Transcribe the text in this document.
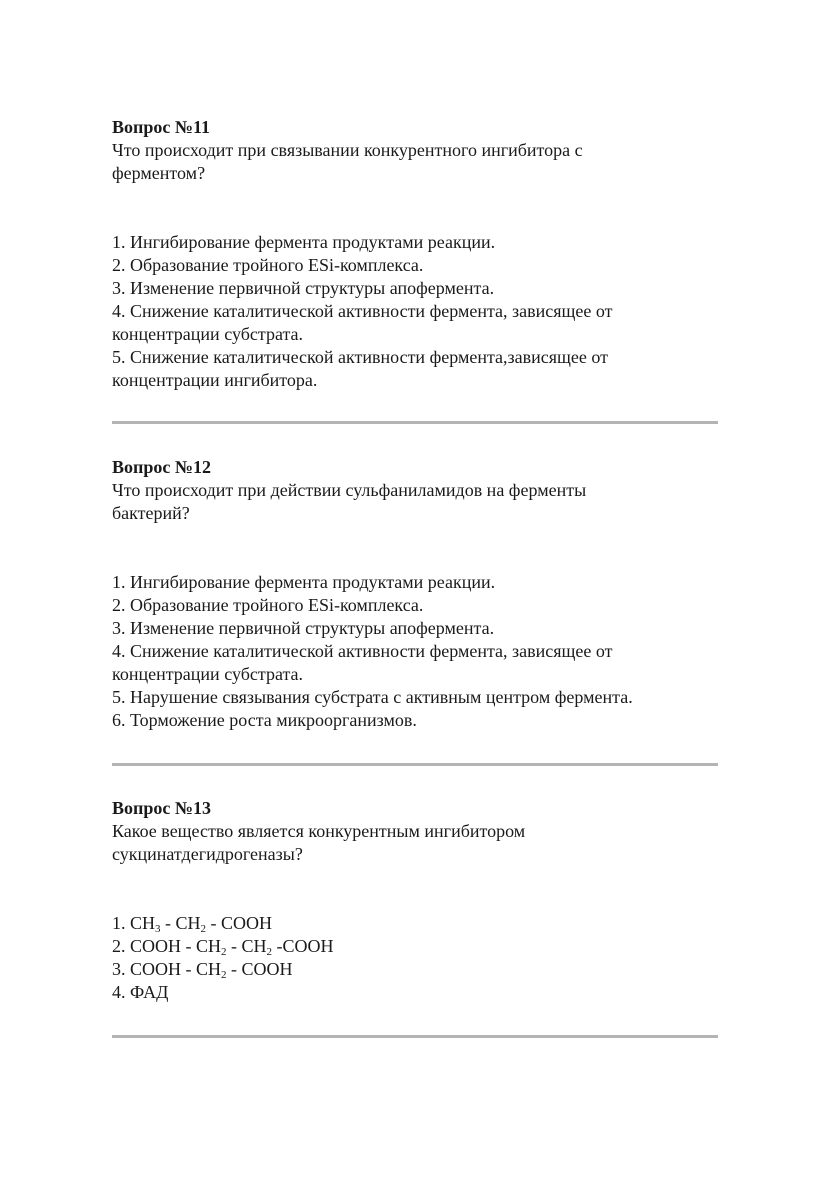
Вопрос №11

Что происходит при связывании конкурентного ингибитора с ферментом?

1. Ингибирование фермента продуктами реакции.
2. Образование тройного ESi-комплекса.
3. Изменение первичной структуры апофермента.
4. Снижение каталитической активности фермента, зависящее от концентрации субстрата.
5. Снижение каталитической активности фермента,зависящее от концентрации ингибитора.

Вопрос №12

Что происходит при действии сульфаниламидов на ферменты бактерий?

1. Ингибирование фермента продуктами реакции.
2. Образование тройного ESi-комплекса.
3. Изменение первичной структуры апофермента.
4. Снижение каталитической активности фермента, зависящее от концентрации субстрата.
5. Нарушение связывания субстрата с активным центром фермента.
6. Торможение роста микроорганизмов.

Вопрос №13

Какое вещество является конкурентным ингибитором сукцинатдегидрогеназы?

1. $CH_3 - CH_2$ - COOH
2. COOH - $CH_2 - CH_2$ -COOH
3. COOH - $CH_2$ - COOH
4. ФАД
